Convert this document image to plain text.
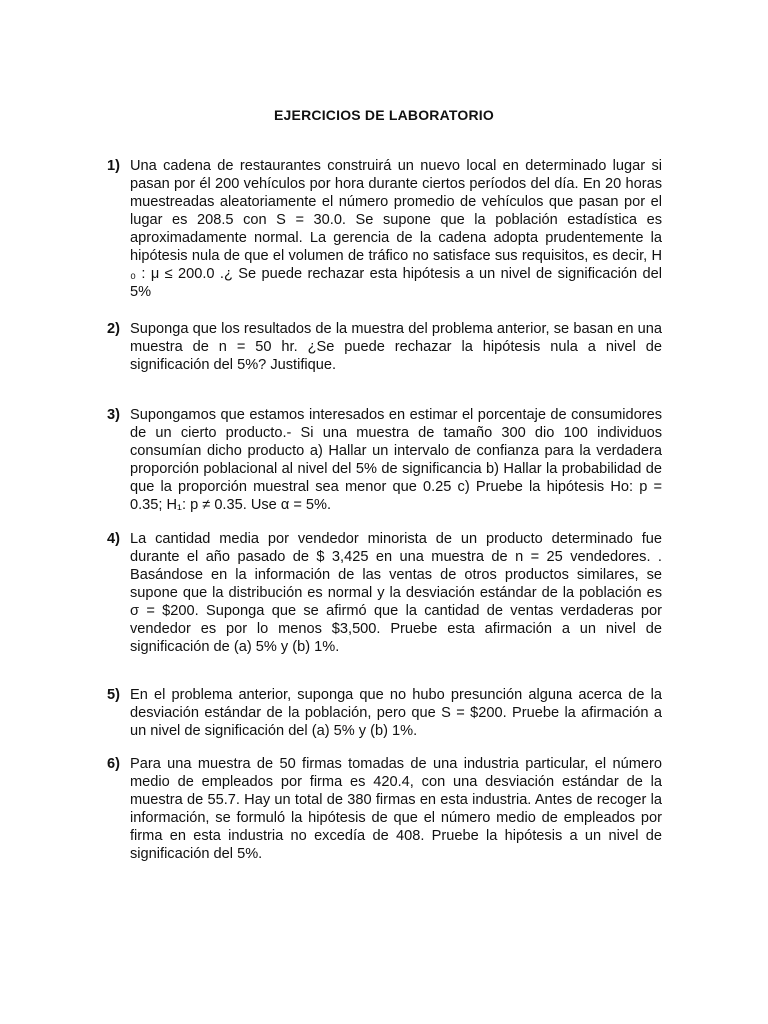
EJERCICIOS DE LABORATORIO
1) Una cadena de restaurantes construirá un nuevo local en determinado lugar si pasan por él 200 vehículos por hora durante ciertos períodos del día. En 20 horas muestreadas aleatoriamente el número promedio de vehículos que pasan por el lugar es 208.5 con S = 30.0. Se supone que la población estadística es aproximadamente normal. La gerencia de la cadena adopta prudentemente la hipótesis nula de que el volumen de tráfico no satisface sus requisitos, es decir, H ₀ : μ ≤ 200.0 .¿ Se puede rechazar esta hipótesis a un nivel de significación del 5%
2) Suponga que los resultados de la muestra del problema anterior, se basan en una muestra de n = 50 hr. ¿Se puede rechazar la hipótesis nula a nivel de significación del 5%? Justifique.
3) Supongamos que estamos interesados en estimar el porcentaje de consumidores de un cierto producto.- Si una muestra de tamaño 300 dio 100 individuos consumían dicho producto a) Hallar un intervalo de confianza para la verdadera proporción poblacional al nivel del 5% de significancia b) Hallar la probabilidad de que la proporción muestral sea menor que 0.25 c) Pruebe la hipótesis Ho: p = 0.35; H₁: p ≠ 0.35. Use α = 5%.
4) La cantidad media por vendedor minorista de un producto determinado fue durante el año pasado de $ 3,425 en una muestra de n = 25 vendedores. . Basándose en la información de las ventas de otros productos similares, se supone que la distribución es normal y la desviación estándar de la población es σ = $200. Suponga que se afirmó que la cantidad de ventas verdaderas por vendedor es por lo menos $3,500. Pruebe esta afirmación a un nivel de significación de (a) 5% y (b) 1%.
5) En el problema anterior, suponga que no hubo presunción alguna acerca de la desviación estándar de la población, pero que S = $200. Pruebe la afirmación a un nivel de significación del (a) 5% y (b) 1%.
6) Para una muestra de 50 firmas tomadas de una industria particular, el número medio de empleados por firma es 420.4, con una desviación estándar de la muestra de 55.7. Hay un total de 380 firmas en esta industria. Antes de recoger la información, se formuló la hipótesis de que el número medio de empleados por firma en esta industria no excedía de 408. Pruebe la hipótesis a un nivel de significación del 5%.
